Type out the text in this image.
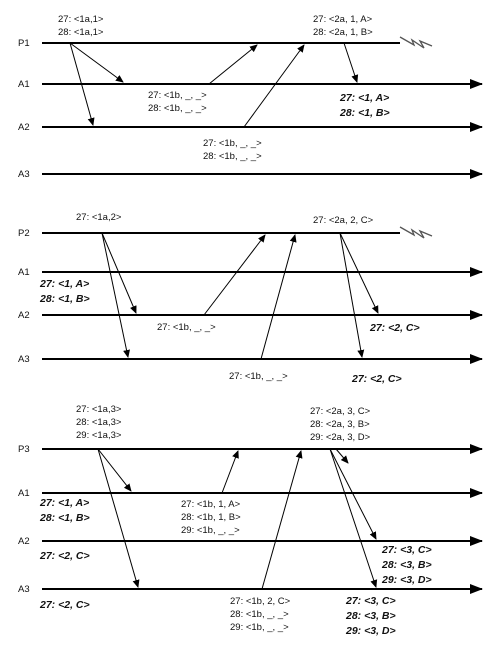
P1
A1
A2
A3
27: <1a,1>
28: <1a,1>
27: <2a, 1, A>
28: <2a, 1, B>
27: <1b, _, _>
28: <1b, _, _>
27: <1b, _, _>
28: <1b, _, _>
27: <1, A>
28: <1, B>
P2
A1
A2
A3
27: <1a,2>	27: <2a, 2, C>
27: <1, A>
28: <1, B>
27: <1b, _, _>
27: <1b, _, _>
27: <2, C>
27: <2, C>
P3
A1
A2
A3
27: <1a,3>
28: <1a,3>
29: <1a,3>
27: <2a, 3, C>
28: <2a, 3, B>
29: <2a, 3, D>
27: <1, A>
28: <1, B>
27: <2, C>
27: <2, C>
27: <1b, 1, A>
28: <1b, 1, B>
29: <1b, _, _>
27: <1b, 2, C>
28: <1b, _, _>
29: <1b, _, _>
27: <3, C>
28: <3, B>
29: <3, D>
27: <3, C>
28: <3, B>
29: <3, D>
